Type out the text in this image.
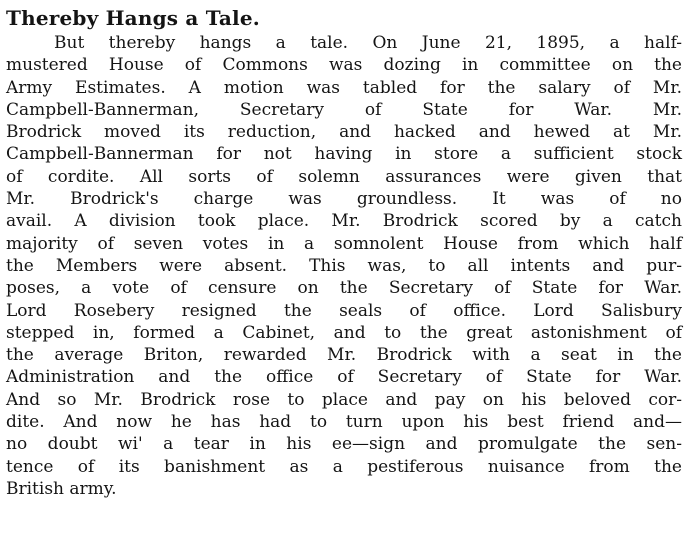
Thereby Hangs a Tale.
But thereby hangs a tale. On June 21, 1895, a half-
mustered House of Commons was dozing in committee on the
Army Estimates. A motion was tabled for the salary of Mr.
Campbell-Bannerman, Secretary of State for War. Mr.
Brodrick moved its reduction, and hacked and hewed at Mr.
Campbell-Bannerman for not having in store a sufficient stock
of cordite. All sorts of solemn assurances were given that
Mr. Brodrick's charge was groundless. It was of no
avail. A division took place. Mr. Brodrick scored by a catch
majority of seven votes in a somnolent House from which half
the Members were absent. This was, to all intents and pur-
poses, a vote of censure on the Secretary of State for War.
Lord Rosebery resigned the seals of office. Lord Salisbury
stepped in, formed a Cabinet, and to the great astonishment of
the average Briton, rewarded Mr. Brodrick with a seat in the
Administration and the office of Secretary of State for War.
And so Mr. Brodrick rose to place and pay on his beloved cor-
dite. And now he has had to turn upon his best friend and—
no doubt wi' a tear in his ee—sign and promulgate the sen-
tence of its banishment as a pestiferous nuisance from the
British army.
